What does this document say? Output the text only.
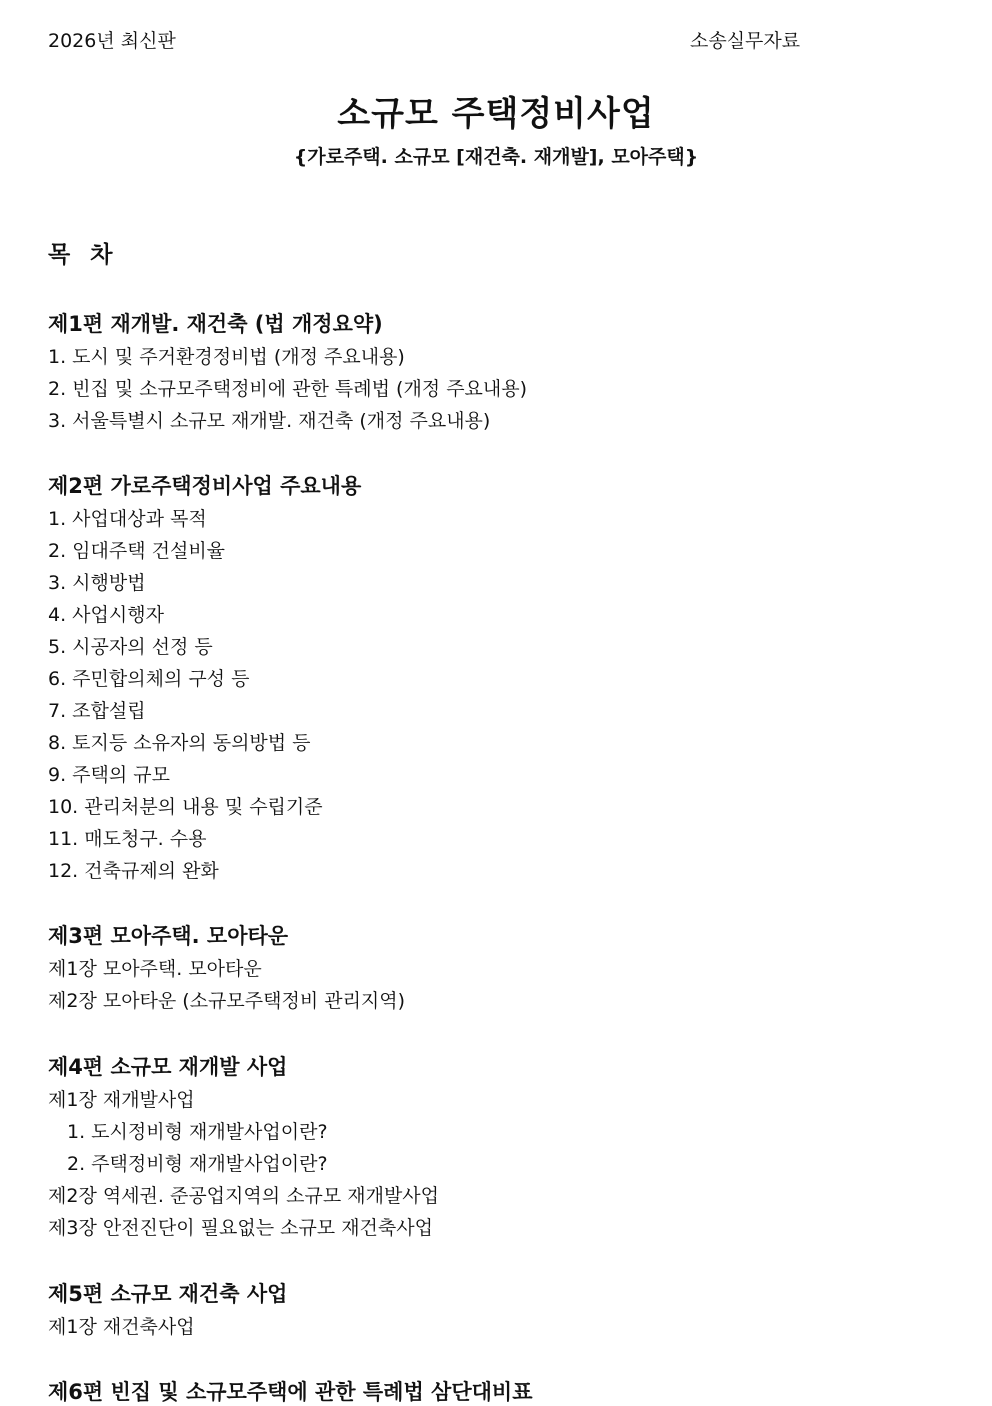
2026년 최신판	소송실무자료
소규모 주택정비사업
{가로주택. 소규모 [재건축. 재개발], 모아주택}
목 차
제1편 재개발. 재건축 (법 개정요약)
1. 도시 및 주거환경정비법 (개정 주요내용)
2. 빈집 및 소규모주택정비에 관한 특례법 (개정 주요내용)
3. 서울특별시 소규모 재개발. 재건축 (개정 주요내용)
제2편 가로주택정비사업 주요내용
1. 사업대상과 목적
2. 임대주택 건설비율
3. 시행방법
4. 사업시행자
5. 시공자의 선정 등
6. 주민합의체의 구성 등
7. 조합설립
8. 토지등 소유자의 동의방법 등
9. 주택의 규모
10. 관리처분의 내용 및 수립기준
11. 매도청구. 수용
12. 건축규제의 완화
제3편 모아주택. 모아타운
제1장 모아주택. 모아타운
제2장 모아타운 (소규모주택정비 관리지역)
제4편 소규모 재개발 사업
제1장 재개발사업
1. 도시정비형 재개발사업이란?
2. 주택정비형 재개발사업이란?
제2장 역세권. 준공업지역의 소규모 재개발사업
제3장 안전진단이 필요없는 소규모 재건축사업
제5편 소규모 재건축 사업
제1장 재건축사업
제6편 빈집 및 소규모주택에 관한 특례법 삼단대비표
